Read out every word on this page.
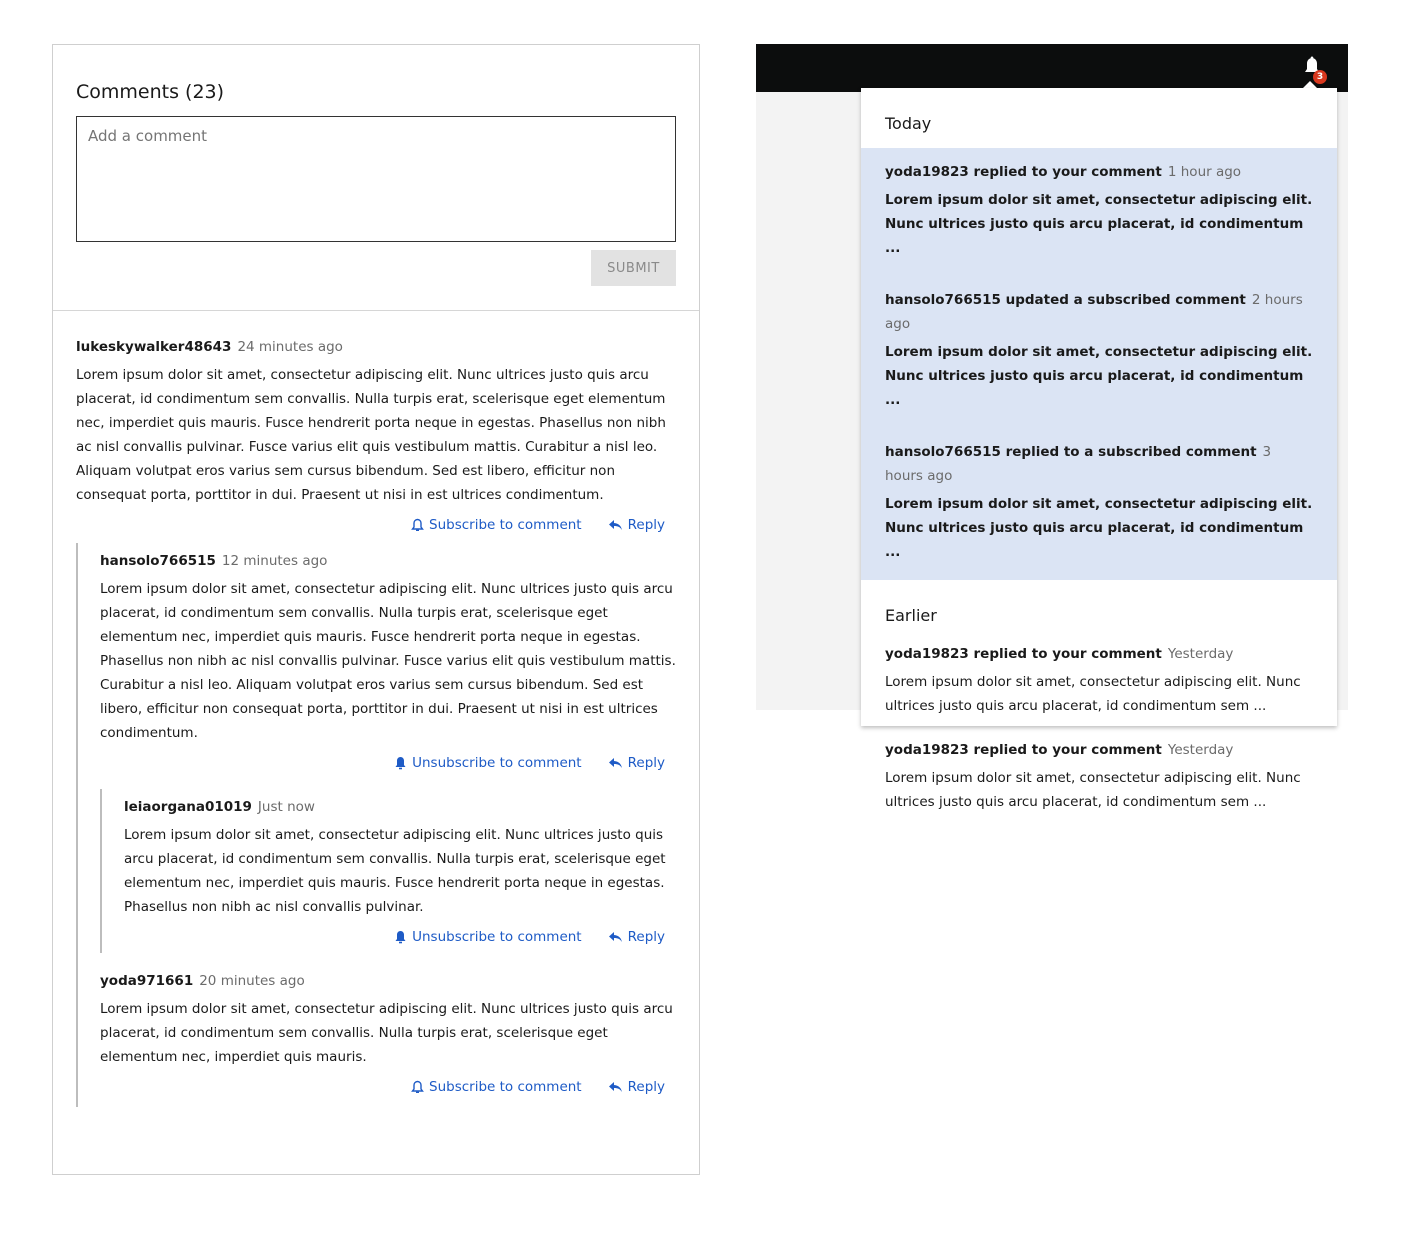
Comments (23)
Add a comment
SUBMIT
lukeskywalker48643 24 minutes ago
Lorem ipsum dolor sit amet, consectetur adipiscing elit. Nunc ultrices justo quis arcu placerat, id condimentum sem convallis. Nulla turpis erat, scelerisque eget elementum nec, imperdiet quis mauris. Fusce hendrerit porta neque in egestas. Phasellus non nibh ac nisl convallis pulvinar. Fusce varius elit quis vestibulum mattis. Curabitur a nisl leo. Aliquam volutpat eros varius sem cursus bibendum. Sed est libero, efficitur non consequat porta, porttitor in dui. Praesent ut nisi in est ultrices condimentum.
Subscribe to comment	Reply
hansolo766515 12 minutes ago
Lorem ipsum dolor sit amet, consectetur adipiscing elit. Nunc ultrices justo quis arcu placerat, id condimentum sem convallis. Nulla turpis erat, scelerisque eget elementum nec, imperdiet quis mauris. Fusce hendrerit porta neque in egestas. Phasellus non nibh ac nisl convallis pulvinar. Fusce varius elit quis vestibulum mattis. Curabitur a nisl leo. Aliquam volutpat eros varius sem cursus bibendum. Sed est libero, efficitur non consequat porta, porttitor in dui. Praesent ut nisi in est ultrices condimentum.
Unsubscribe to comment	Reply
leiaorgana01019 Just now
Lorem ipsum dolor sit amet, consectetur adipiscing elit. Nunc ultrices justo quis arcu placerat, id condimentum sem convallis. Nulla turpis erat, scelerisque eget elementum nec, imperdiet quis mauris. Fusce hendrerit porta neque in egestas. Phasellus non nibh ac nisl convallis pulvinar.
Unsubscribe to comment	Reply
yoda971661 20 minutes ago
Lorem ipsum dolor sit amet, consectetur adipiscing elit. Nunc ultrices justo quis arcu placerat, id condimentum sem convallis. Nulla turpis erat, scelerisque eget elementum nec, imperdiet quis mauris.
Subscribe to comment	Reply
3
Today
yoda19823 replied to your comment 1 hour ago
Lorem ipsum dolor sit amet, consectetur adipiscing elit.
Nunc ultrices justo quis arcu placerat, id condimentum ...
hansolo766515 updated a subscribed comment 2 hours ago
Lorem ipsum dolor sit amet, consectetur adipiscing elit.
Nunc ultrices justo quis arcu placerat, id condimentum ...
hansolo766515 replied to a subscribed comment 3 hours ago
Lorem ipsum dolor sit amet, consectetur adipiscing elit.
Nunc ultrices justo quis arcu placerat, id condimentum ...
Earlier
yoda19823 replied to your comment Yesterday
Lorem ipsum dolor sit amet, consectetur adipiscing elit. Nunc
ultrices justo quis arcu placerat, id condimentum sem ...
yoda19823 replied to your comment Yesterday
Lorem ipsum dolor sit amet, consectetur adipiscing elit. Nunc
ultrices justo quis arcu placerat, id condimentum sem ...
